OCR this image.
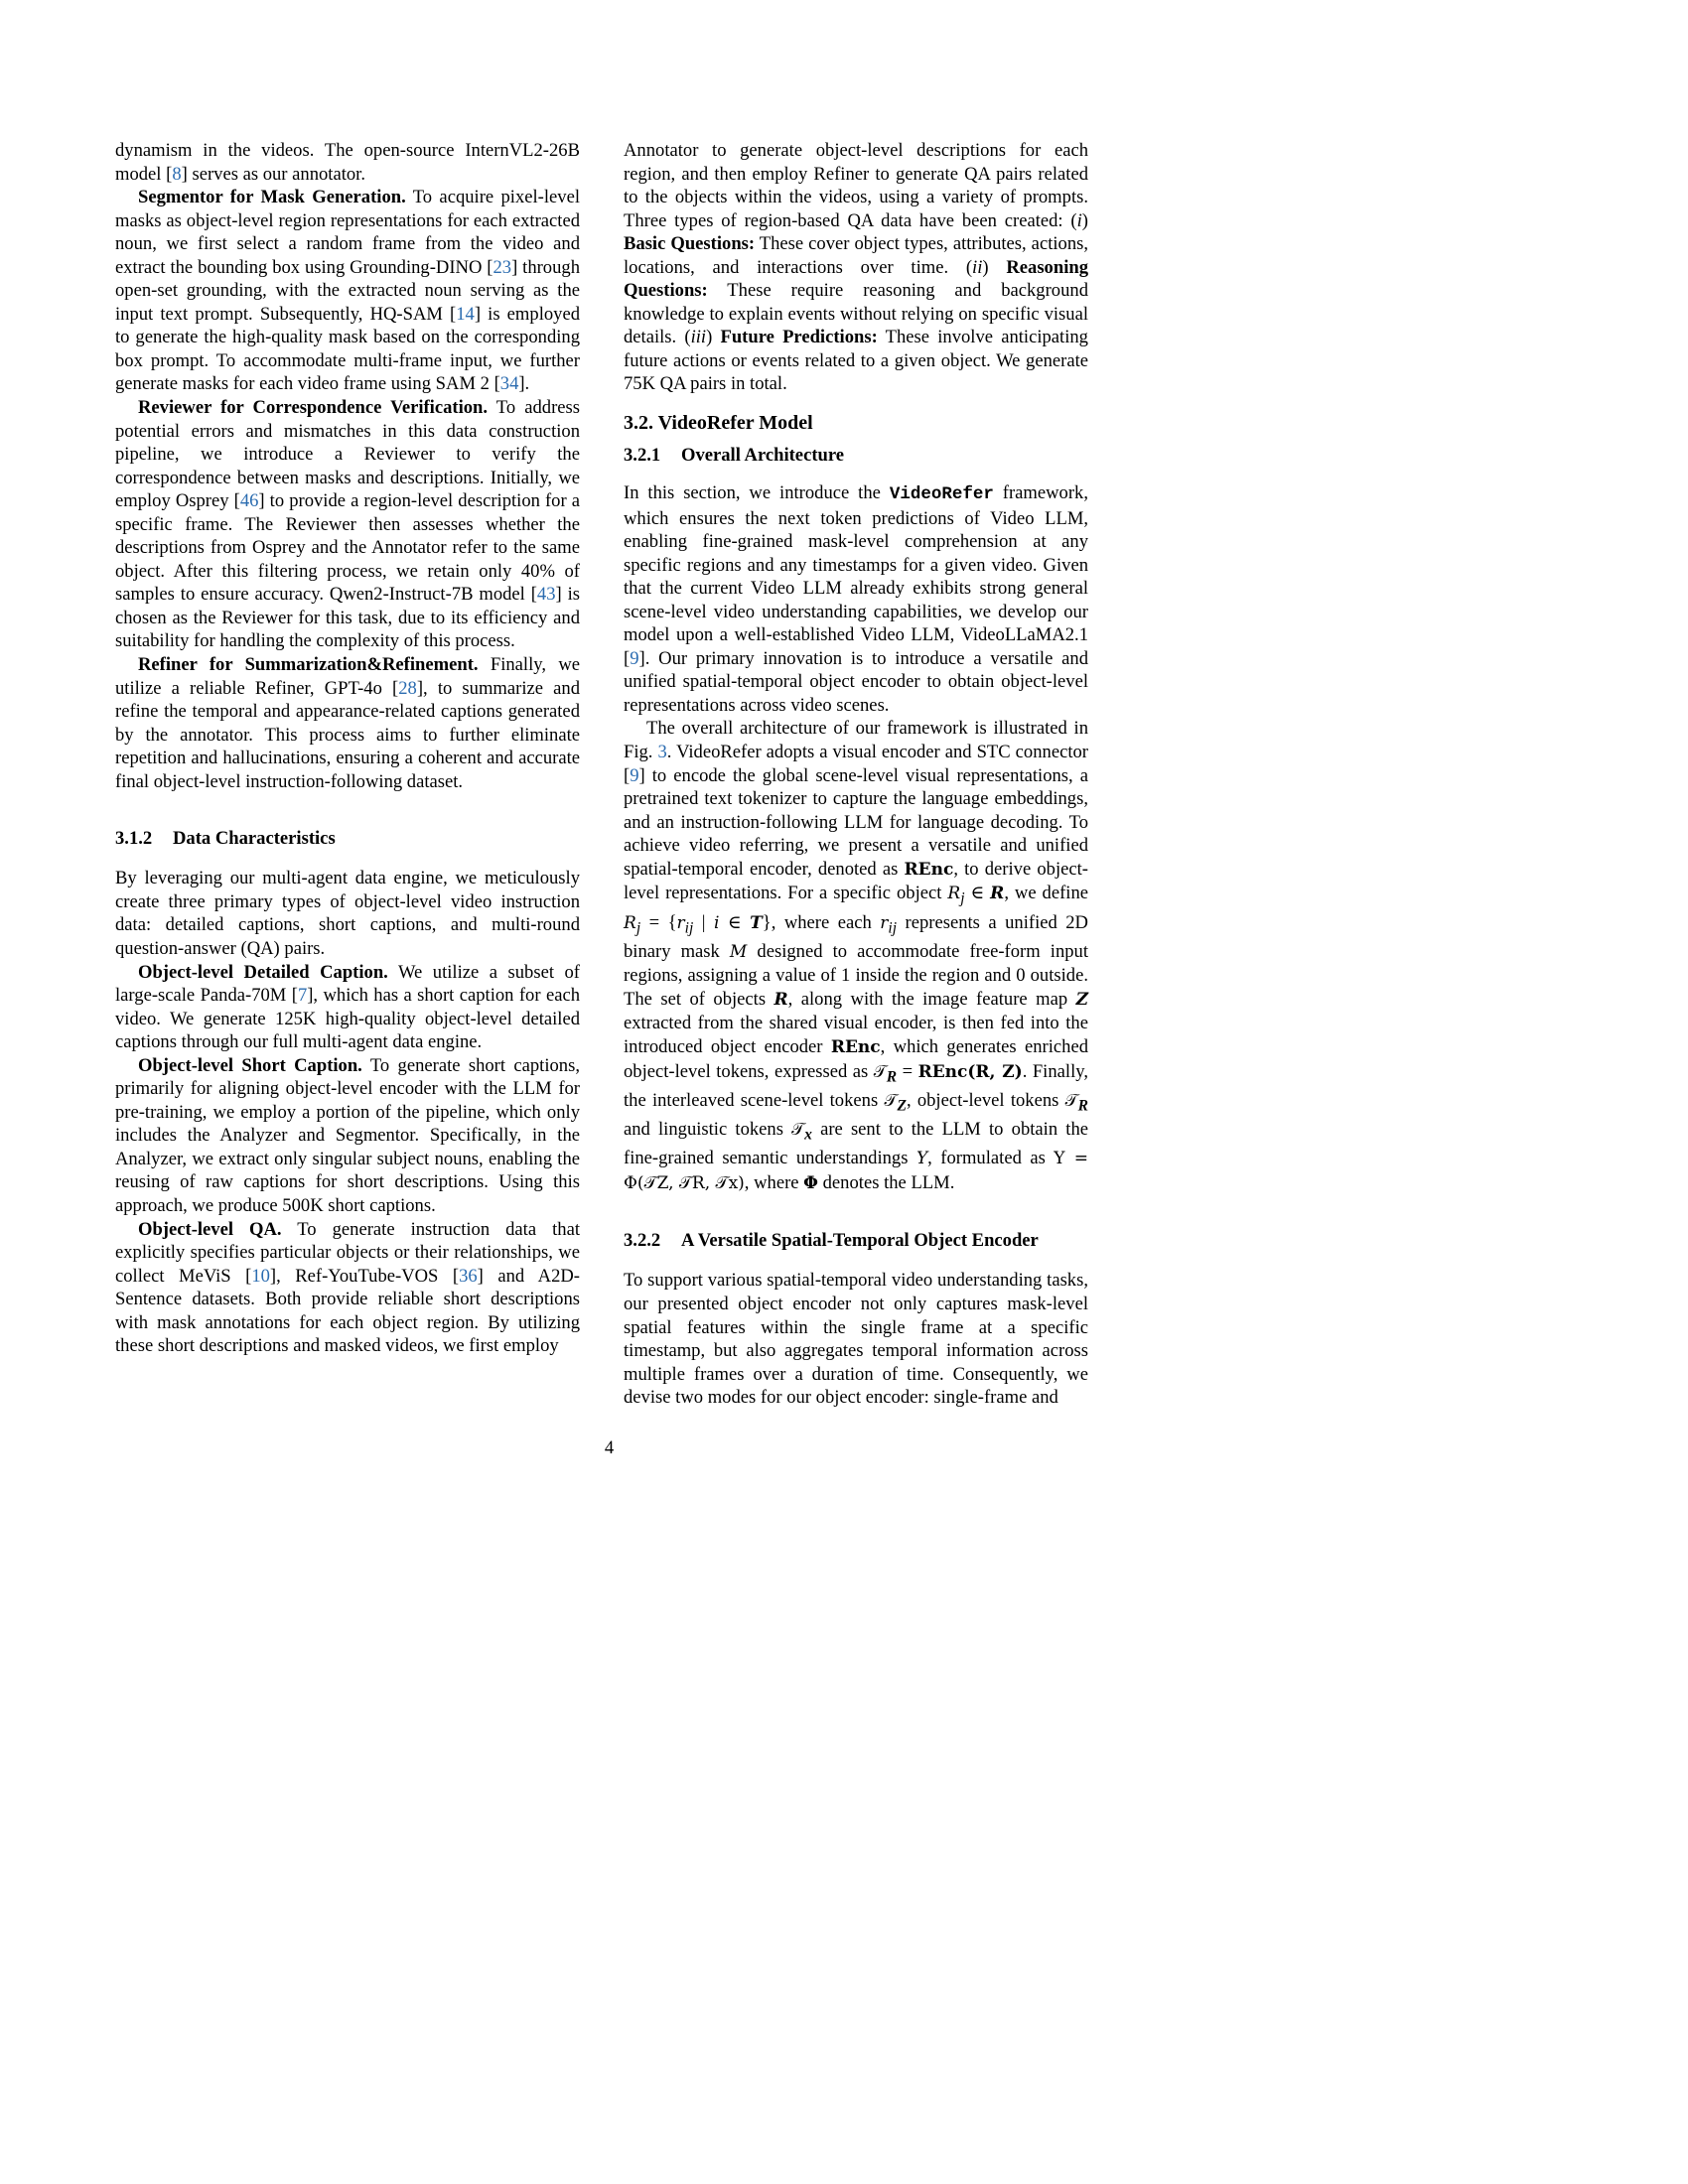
dynamism in the videos. The open-source InternVL2-26B model [8] serves as our annotator.

Segmentor for Mask Generation. To acquire pixel-level masks as object-level region representations for each extracted noun, we first select a random frame from the video and extract the bounding box using Grounding-DINO [23] through open-set grounding, with the extracted noun serving as the input text prompt. Subsequently, HQ-SAM [14] is employed to generate the high-quality mask based on the corresponding box prompt. To accommodate multi-frame input, we further generate masks for each video frame using SAM 2 [34].

Reviewer for Correspondence Verification. To address potential errors and mismatches in this data construction pipeline, we introduce a Reviewer to verify the correspondence between masks and descriptions. Initially, we employ Osprey [46] to provide a region-level description for a specific frame. The Reviewer then assesses whether the descriptions from Osprey and the Annotator refer to the same object. After this filtering process, we retain only 40% of samples to ensure accuracy. Qwen2-Instruct-7B model [43] is chosen as the Reviewer for this task, due to its efficiency and suitability for handling the complexity of this process.

Refiner for Summarization&Refinement. Finally, we utilize a reliable Refiner, GPT-4o [28], to summarize and refine the temporal and appearance-related captions generated by the annotator. This process aims to further eliminate repetition and hallucinations, ensuring a coherent and accurate final object-level instruction-following dataset.

3.1.2 Data Characteristics

By leveraging our multi-agent data engine, we meticulously create three primary types of object-level video instruction data: detailed captions, short captions, and multi-round question-answer (QA) pairs.

Object-level Detailed Caption. We utilize a subset of large-scale Panda-70M [7], which has a short caption for each video. We generate 125K high-quality object-level detailed captions through our full multi-agent data engine.

Object-level Short Caption. To generate short captions, primarily for aligning object-level encoder with the LLM for pre-training, we employ a portion of the pipeline, which only includes the Analyzer and Segmentor. Specifically, in the Analyzer, we extract only singular subject nouns, enabling the reusing of raw captions for short descriptions. Using this approach, we produce 500K short captions.

Object-level QA. To generate instruction data that explicitly specifies particular objects or their relationships, we collect MeViS [10], Ref-YouTube-VOS [36] and A2D-Sentence datasets. Both provide reliable short descriptions with mask annotations for each object region. By utilizing these short descriptions and masked videos, we first employ

Annotator to generate object-level descriptions for each region, and then employ Refiner to generate QA pairs related to the objects within the videos, using a variety of prompts. Three types of region-based QA data have been created: (i) Basic Questions: These cover object types, attributes, actions, locations, and interactions over time. (ii) Reasoning Questions: These require reasoning and background knowledge to explain events without relying on specific visual details. (iii) Future Predictions: These involve anticipating future actions or events related to a given object. We generate 75K QA pairs in total.

3.2. VideoRefer Model
3.2.1 Overall Architecture

In this section, we introduce the VideoRefer framework, which ensures the next token predictions of Video LLM, enabling fine-grained mask-level comprehension at any specific regions and any timestamps for a given video. Given that the current Video LLM already exhibits strong general scene-level video understanding capabilities, we develop our model upon a well-established Video LLM, VideoLLaMA2.1 [9]. Our primary innovation is to introduce a versatile and unified spatial-temporal object encoder to obtain object-level representations across video scenes.

The overall architecture of our framework is illustrated in Fig. 3. VideoRefer adopts a visual encoder and STC connector [9] to encode the global scene-level visual representations, a pretrained text tokenizer to capture the language embeddings, and an instruction-following LLM for language decoding. To achieve video referring, we present a versatile and unified spatial-temporal encoder, denoted as REnc, to derive object-level representations. For a specific object $R_j$ ∈ R, we define $R_j = \{r_{ij}$ | i ∈ T}, where each $r_{ij}$ represents a unified 2D binary mask M designed to accommodate free-form input regions, assigning a value of 1 inside the region and 0 outside. The set of objects R, along with the image feature map Z extracted from the shared visual encoder, is then fed into the introduced object encoder REnc, which generates enriched object-level tokens, expressed as 𝒯$_R$ = REnc(R, Z). Finally, the interleaved scene-level tokens 𝒯$_Z$, object-level tokens 𝒯$_R$ and linguistic tokens 𝒯$_x$ are sent to the LLM to obtain the fine-grained semantic understandings Y, formulated as Y = Φ(𝒯Z, 𝒯R, 𝒯x), where Φ denotes the LLM.

3.2.2 A Versatile Spatial-Temporal Object Encoder

To support various spatial-temporal video understanding tasks, our presented object encoder not only captures mask-level spatial features within the single frame at a specific timestamp, but also aggregates temporal information across multiple frames over a duration of time. Consequently, we devise two modes for our object encoder: single-frame and

4
